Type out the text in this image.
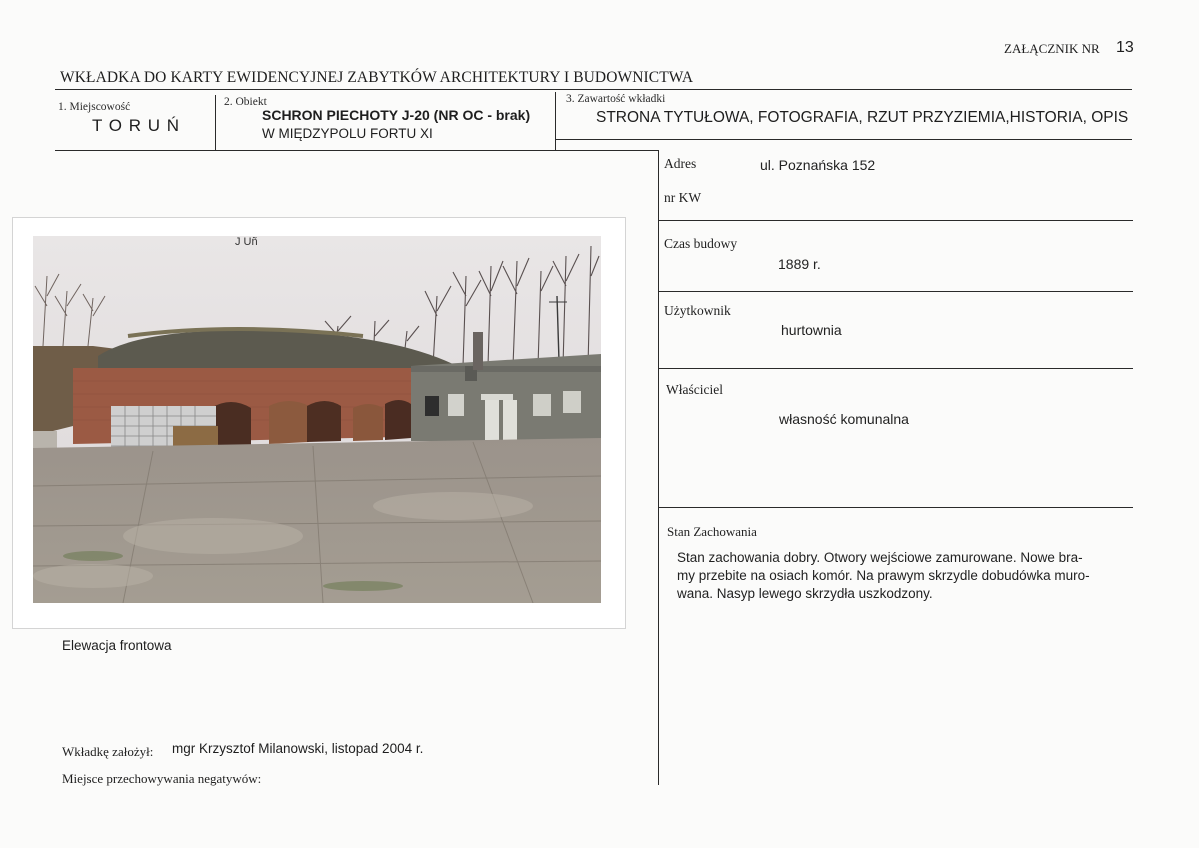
ZAŁĄCZNIK NR 13
WKŁADKA DO KARTY EWIDENCYJNEJ ZABYTKÓW ARCHITEKTURY I BUDOWNICTWA
1. Miejscowość
T O R U Ń
2. Obiekt
SCHRON PIECHOTY J-20 (NR OC - brak)
W MIĘDZYPOLU FORTU XI
3. Zawartość wkładki
STRONA TYTUŁOWA, FOTOGRAFIA, RZUT PRZYZIEMIA,HISTORIA, OPIS
Adres	ul. Poznańska 152
nr KW
Czas budowy
1889 r.
Użytkownik
hurtownia
Właściciel
własność komunalna
Stan Zachowania
Stan zachowania dobry. Otwory wejściowe zamurowane. Nowe bra-
my przebite na osiach komór. Na prawym skrzydle dobudówka muro-
wana. Nasyp lewego skrzydła uszkodzony.
J Uñ
Elewacja frontowa
Wkładkę założył: mgr Krzysztof Milanowski, listopad 2004 r.
Miejsce przechowywania negatywów:
